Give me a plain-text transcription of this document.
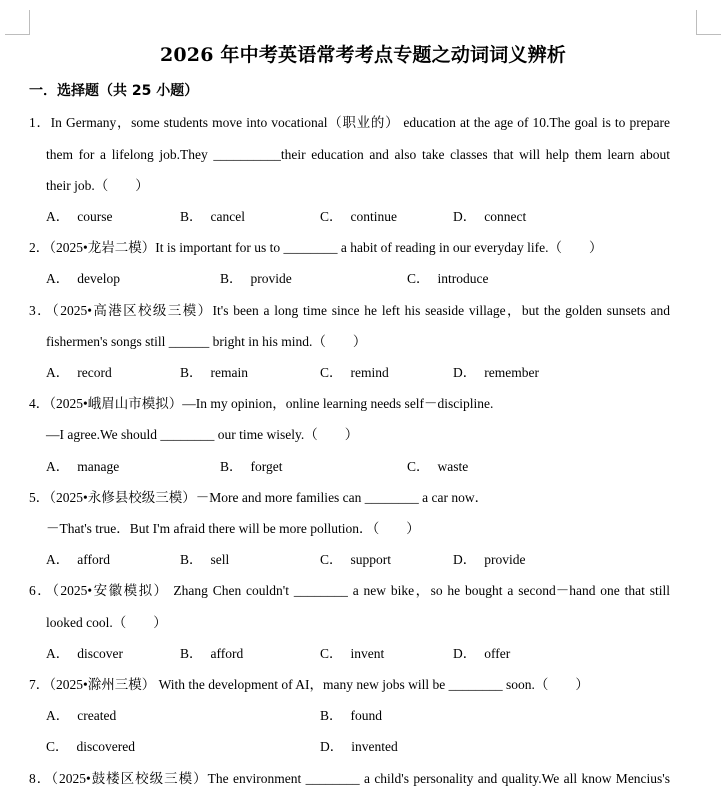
2026 年中考英语常考考点专题之动词词义辨析
一．选择题（共 25 小题）
1．In Germany，some students move into vocational（职业的） education at the age of 10.The goal is to prepare
them for a lifelong job.They __________their education and also take classes that will help them learn about
their job.（　　）
A． course	B． cancel	C． continue	D． connect
2．（2025•龙岩二模）It is important for us to ________ a habit of reading in our everyday life.（　　）
A． develop	B． provide	C． introduce
3．（2025•高港区校级三模）It's been a long time since he left his seaside village，but the golden sunsets and
fishermen's songs still ______ bright in his mind.（　　）
A． record	B． remain	C． remind	D． remember
4．（2025•峨眉山市模拟）—In my opinion，online learning needs self－discipline.
—I agree.We should ________ our time wisely.（　　）
A． manage	B． forget	C． waste
5．（2025•永修县校级三模）－More and more families can ________ a car now．
－That's true．But I'm afraid there will be more pollution．（　　）
A． afford	B． sell	C． support	D． provide
6．（2025•安徽模拟） Zhang Chen couldn't ________ a new bike，so he bought a second－hand one that still
looked cool.（　　）
A． discover	B． afford	C． invent	D． offer
7．（2025•滁州三模） With the development of AI，many new jobs will be ________ soon.（　　）
A． created	B． found
C． discovered	D． invented
8．（2025•鼓楼区校级三模）The environment ________ a child's personality and quality.We all know Mencius's
